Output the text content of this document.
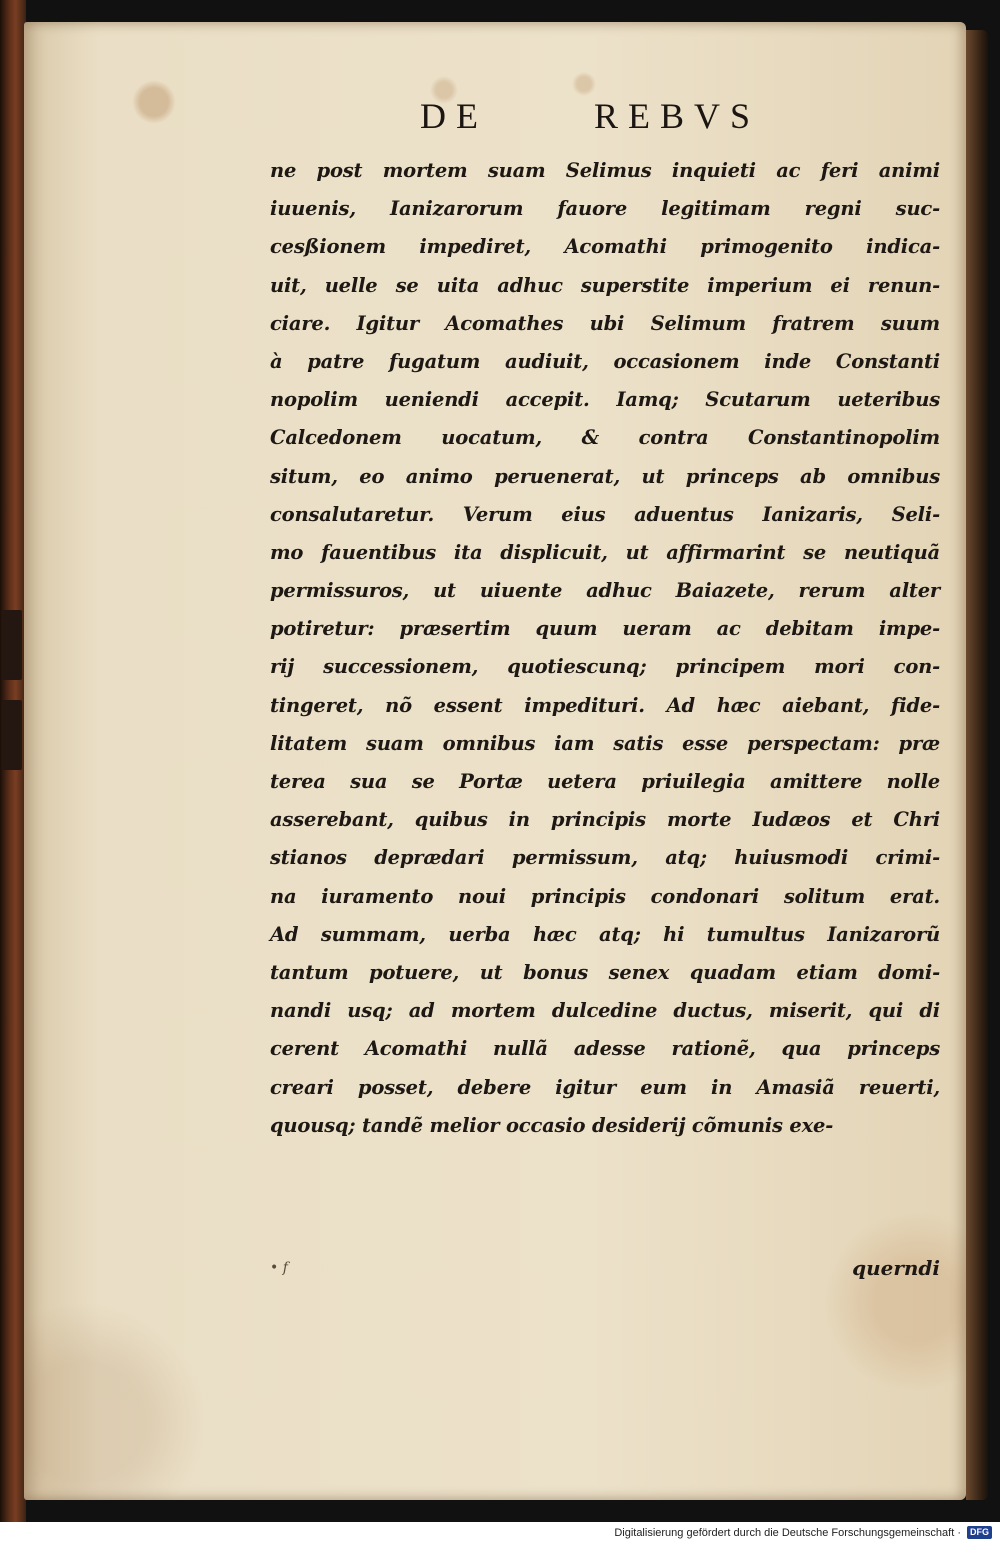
DE	REBVS
ne post mortem suam Selimus inquieti ac feri animi
iuuenis, Ianizarorum fauore legitimam regni suc-
cesßionem impediret, Acomathi primogenito indica-
uit, uelle se uita adhuc superstite imperium ei renun-
ciare. Igitur Acomathes ubi Selimum fratrem suum
à patre fugatum audiuit, occasionem inde Constanti
nopolim ueniendi accepit. Iamq; Scutarum ueteribus
Calcedonem uocatum, & contra Constantinopolim
situm, eo animo peruenerat, ut princeps ab omnibus
consalutaretur. Verum eius aduentus Ianizaris, Seli-
mo fauentibus ita displicuit, ut affirmarint se neutiquã
permissuros, ut uiuente adhuc Baiazete, rerum alter
potiretur: præsertim quum ueram ac debitam impe-
rij successionem, quotiescunq; principem mori con-
tingeret, nõ essent impedituri. Ad hæc aiebant, fide-
litatem suam omnibus iam satis esse perspectam: præ
terea sua se Portæ uetera priuilegia amittere nolle
asserebant, quibus in principis morte Iudæos et Chri
stianos deprædari permissum, atq; huiusmodi crimi-
na iuramento noui principis condonari solitum erat.
Ad summam, uerba hæc atq; hi tumultus Ianizarorũ
tantum potuere, ut bonus senex quadam etiam domi-
nandi usq; ad mortem dulcedine ductus, miserit, qui di
cerent Acomathi nullã adesse rationẽ, qua princeps
creari posset, debere igitur eum in Amasiã reuerti,
quousq; tandẽ melior occasio desiderij cõmunis exe-
• f	querndi
Digitalisierung gefördert durch die Deutsche Forschungsgemeinschaft ·	DFG
